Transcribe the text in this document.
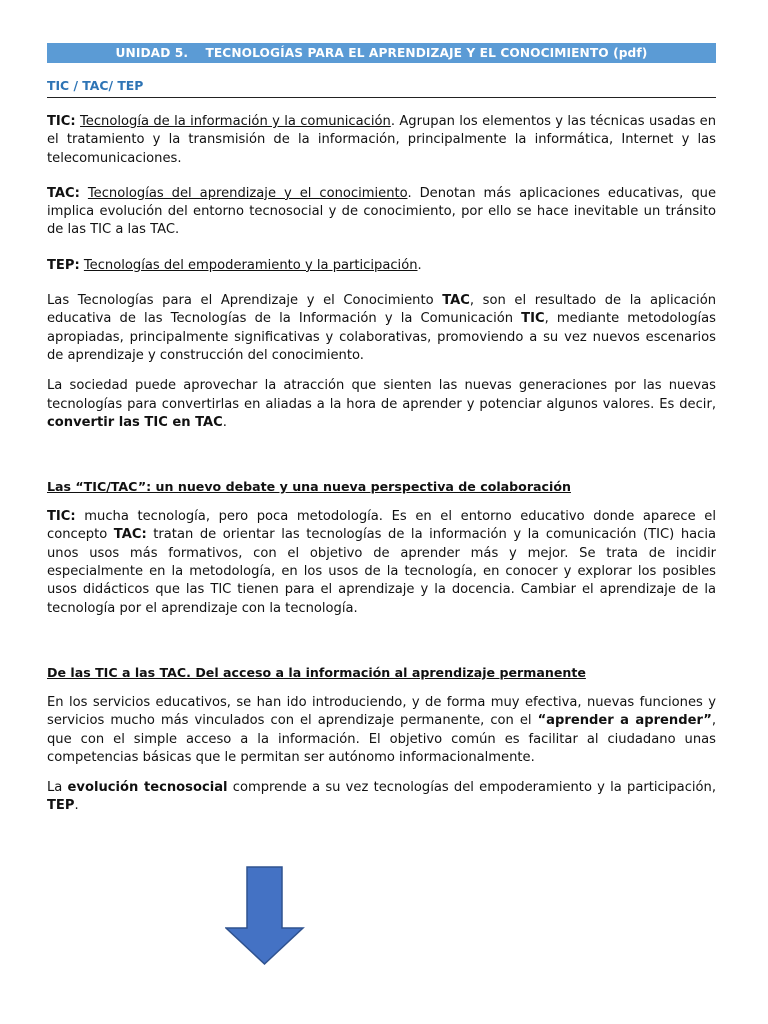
UNIDAD 5.    TECNOLOGÍAS PARA EL APRENDIZAJE Y EL CONOCIMIENTO (pdf)
TIC / TAC/ TEP

TIC: Tecnología de la información y la comunicación. Agrupan los elementos y las técnicas usadas en el tratamiento y la transmisión de la información, principalmente la informática, Internet y las telecomunicaciones.

TAC: Tecnologías del aprendizaje y el conocimiento. Denotan más aplicaciones educativas, que implica evolución del entorno tecnosocial y de conocimiento, por ello se hace inevitable un tránsito de las TIC a las TAC.

TEP: Tecnologías del empoderamiento y la participación.

Las Tecnologías para el Aprendizaje y el Conocimiento TAC, son el resultado de la aplicación educativa de las Tecnologías de la Información y la Comunicación TIC, mediante metodologías apropiadas, principalmente significativas y colaborativas, promoviendo a su vez nuevos escenarios de aprendizaje y construcción del conocimiento.

La sociedad puede aprovechar la atracción que sienten las nuevas generaciones por las nuevas tecnologías para convertirlas en aliadas a la hora de aprender y potenciar algunos valores. Es decir, convertir las TIC en TAC.

Las “TIC/TAC”: un nuevo debate y una nueva perspectiva de colaboración

TIC: mucha tecnología, pero poca metodología. Es en el entorno educativo donde aparece el concepto TAC: tratan de orientar las tecnologías de la información y la comunicación (TIC) hacia unos usos más formativos, con el objetivo de aprender más y mejor. Se trata de incidir especialmente en la metodología, en los usos de la tecnología, en conocer y explorar los posibles usos didácticos que las TIC tienen para el aprendizaje y la docencia. Cambiar el aprendizaje de la tecnología por el aprendizaje con la tecnología.

De las TIC a las TAC. Del acceso a la información al aprendizaje permanente

En los servicios educativos, se han ido introduciendo, y de forma muy efectiva, nuevas funciones y servicios mucho más vinculados con el aprendizaje permanente, con el “aprender a aprender”, que con el simple acceso a la información. El objetivo común es facilitar al ciudadano unas competencias básicas que le permitan ser autónomo informacionalmente.

La evolución tecnosocial comprende a su vez tecnologías del empoderamiento y la participación, TEP.
